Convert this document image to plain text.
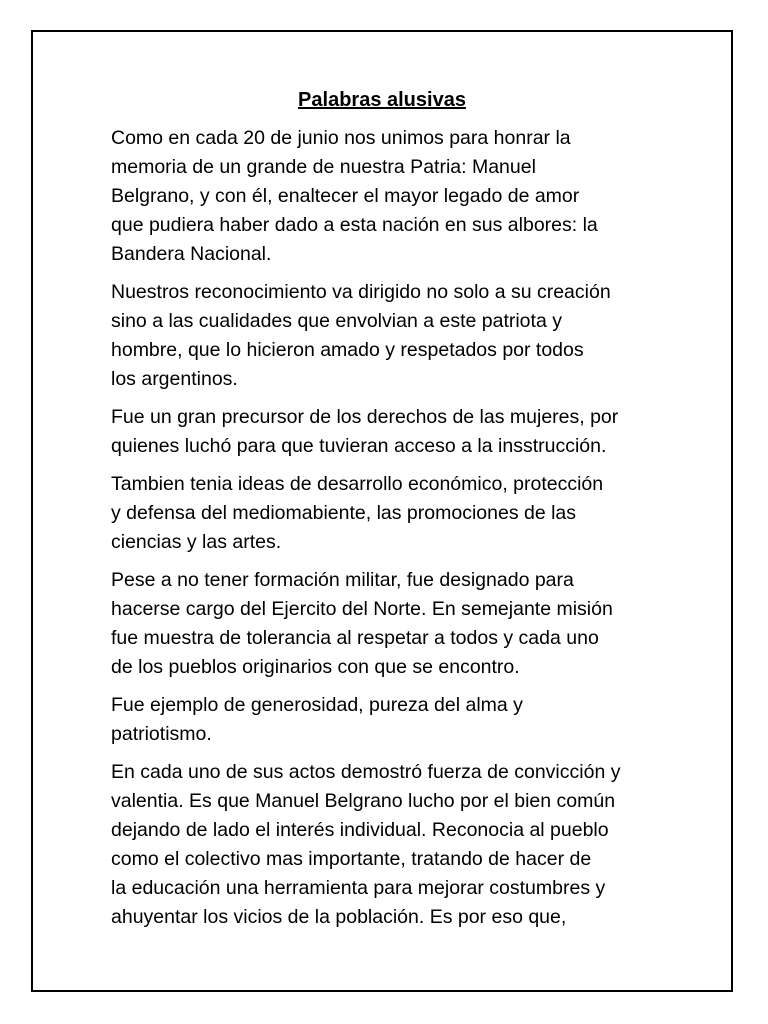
Palabras alusivas

Como en cada 20 de junio nos unimos para honrar la
memoria de un grande de nuestra Patria: Manuel
Belgrano, y con él, enaltecer el mayor legado de amor
que pudiera haber dado a esta nación en sus albores: la
Bandera Nacional.

Nuestros reconocimiento va dirigido no solo a su creación
sino a las cualidades que envolvian a este patriota y
hombre, que lo hicieron amado y respetados por todos
los argentinos.

Fue un gran precursor de los derechos de las mujeres, por
quienes luchó para que tuvieran acceso a la insstrucción.

Tambien tenia ideas de desarrollo económico, protección
y defensa del mediomabiente, las promociones de las
ciencias y las artes.

Pese a no tener formación militar, fue designado para
hacerse cargo del Ejercito del Norte. En semejante misión
fue muestra de tolerancia al respetar a todos y cada uno
de los pueblos originarios con que se encontro.

Fue ejemplo de generosidad, pureza del alma y
patriotismo.

En cada uno de sus actos demostró fuerza de convicción y
valentia. Es que Manuel Belgrano lucho por el bien común
dejando de lado el interés individual. Reconocia al pueblo
como el colectivo mas importante, tratando de hacer de
la educación una herramienta para mejorar costumbres y
ahuyentar los vicios de la población. Es por eso que,
